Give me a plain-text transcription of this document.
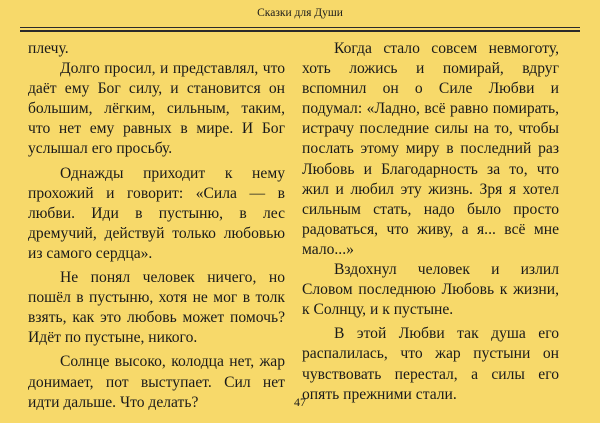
Сказки для Души

плечу.

Долго просил, и представлял, что даёт ему Бог силу, и становится он большим, лёгким, сильным, таким, что нет ему равных в мире. И Бог услышал его просьбу.

Однажды приходит к нему прохожий и говорит: «Сила — в любви. Иди в пустыню, в лес дремучий, действуй только любовью из самого сердца».

Не понял человек ничего, но пошёл в пустыню, хотя не мог в толк взять, как это любовь может помочь? Идёт по пустыне, никого.

Солнце высоко, колодца нет, жар донимает, пот выступает. Сил нет идти дальше. Что делать?

Когда стало совсем невмоготу, хоть ложись и помирай, вдруг вспомнил он о Силе Любви и подумал: «Ладно, всё равно помирать, истрачу последние силы на то, чтобы послать этому миру в последний раз Любовь и Благодарность за то, что жил и любил эту жизнь. Зря я хотел сильным стать, надо было просто радоваться, что живу, а я... всё мне мало...»

Вздохнул человек и излил Словом последнюю Любовь к жизни, к Солнцу, и к пустыне.

В этой Любви так душа его распалилась, что жар пустыни он чувствовать перестал, а силы его опять прежними стали.

47
